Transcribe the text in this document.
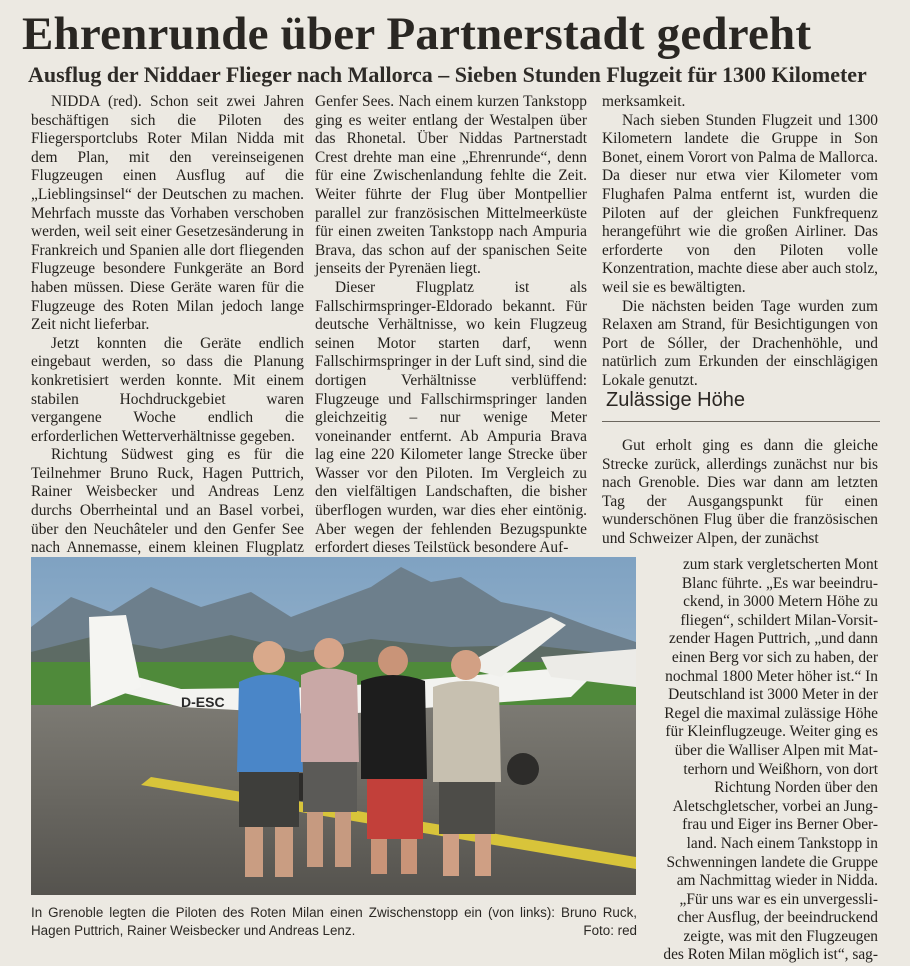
Ehrenrunde über Partnerstadt gedreht
Ausflug der Niddaer Flieger nach Mallorca – Sieben Stunden Flugzeit für 1300 Kilometer

NIDDA (red). Schon seit zwei Jahren beschäftigen sich die Piloten des Fliegersportclubs Roter Milan Nidda mit dem Plan, mit den vereinseigenen Flugzeugen einen Ausflug auf die „Lieblingsinsel“ der Deutschen zu machen. Mehrfach musste das Vorhaben verschoben werden, weil seit einer Gesetzesänderung in Frankreich und Spanien alle dort fliegenden Flugzeuge besondere Funkgeräte an Bord haben müssen. Diese Geräte waren für die Flugzeuge des Roten Milan jedoch lange Zeit nicht lieferbar.

Jetzt konnten die Geräte endlich eingebaut werden, so dass die Planung konkretisiert werden konnte. Mit einem stabilen Hochdruckgebiet waren vergangene Woche endlich die erforderlichen Wetterverhältnisse gegeben.

Richtung Südwest ging es für die Teilnehmer Bruno Ruck, Hagen Puttrich, Rainer Weisbecker und Andreas Lenz durchs Oberrheintal und an Basel vorbei, über den Neuchâteler und den Genfer See nach Annemasse, einem kleinen Flugplatz

Genfer Sees. Nach einem kurzen Tankstopp ging es weiter entlang der Westalpen über das Rhonetal. Über Niddas Partnerstadt Crest drehte man eine „Ehrenrunde“, denn für eine Zwischenlandung fehlte die Zeit. Weiter führte der Flug über Montpellier parallel zur französischen Mittelmeerküste für einen zweiten Tankstopp nach Ampuria Brava, das schon auf der spanischen Seite jenseits der Pyrenäen liegt.

Dieser Flugplatz ist als Fallschirmspringer-Eldorado bekannt. Für deutsche Verhältnisse, wo kein Flugzeug seinen Motor starten darf, wenn Fallschirmspringer in der Luft sind, sind die dortigen Verhältnisse verblüffend: Flugzeuge und Fallschirmspringer landen gleichzeitig – nur wenige Meter voneinander entfernt. Ab Ampuria Brava lag eine 220 Kilometer lange Strecke über Wasser vor den Piloten. Im Vergleich zu den vielfältigen Landschaften, die bisher überflogen wurden, war dies eher eintönig. Aber wegen der fehlenden Bezugspunkte erfordert dieses Teilstück besondere Auf-

merksamkeit.

Nach sieben Stunden Flugzeit und 1300 Kilometern landete die Gruppe in Son Bonet, einem Vorort von Palma de Mallorca. Da dieser nur etwa vier Kilometer vom Flughafen Palma entfernt ist, wurden die Piloten auf der gleichen Funkfrequenz herangeführt wie die großen Airliner. Das erforderte von den Piloten volle Konzentration, machte diese aber auch stolz, weil sie es bewältigten.

Die nächsten beiden Tage wurden zum Relaxen am Strand, für Besichtigungen von Port de Sóller, der Drachenhöhle, und natürlich zum Erkunden der einschlägigen Lokale genutzt.

Zulässige Höhe

Gut erholt ging es dann die gleiche Strecke zurück, allerdings zunächst nur bis nach Grenoble. Dies war dann am letzten Tag der Ausgangspunkt für einen wunderschönen Flug über die französischen und Schweizer Alpen, der zunächst

zum stark vergletscherten Mont
Blanc führte. „Es war beeindru-
ckend, in 3000 Metern Höhe zu
fliegen“, schildert Milan-Vorsit-
zender Hagen Puttrich, „und dann
einen Berg vor sich zu haben, der
nochmal 1800 Meter höher ist.“ In
Deutschland ist 3000 Meter in der
Regel die maximal zulässige Höhe
für Kleinflugzeuge. Weiter ging es
über die Walliser Alpen mit Mat-
terhorn und Weißhorn, von dort
Richtung Norden über den
Aletschgletscher, vorbei an Jung-
frau und Eiger ins Berner Ober-
land. Nach einem Tankstopp in
Schwenningen landete die Gruppe
am Nachmittag wieder in Nidda.
„Für uns war es ein unvergessli-
cher Ausflug, der beeindruckend
zeigte, was mit den Flugzeugen
des Roten Milan möglich ist“, sag-
D-ESC
In Grenoble legten die Piloten des Roten Milan einen Zwischenstopp ein (von links): Bruno Ruck, Hagen Puttrich, Rainer Weisbecker und Andreas Lenz.	Foto: red
